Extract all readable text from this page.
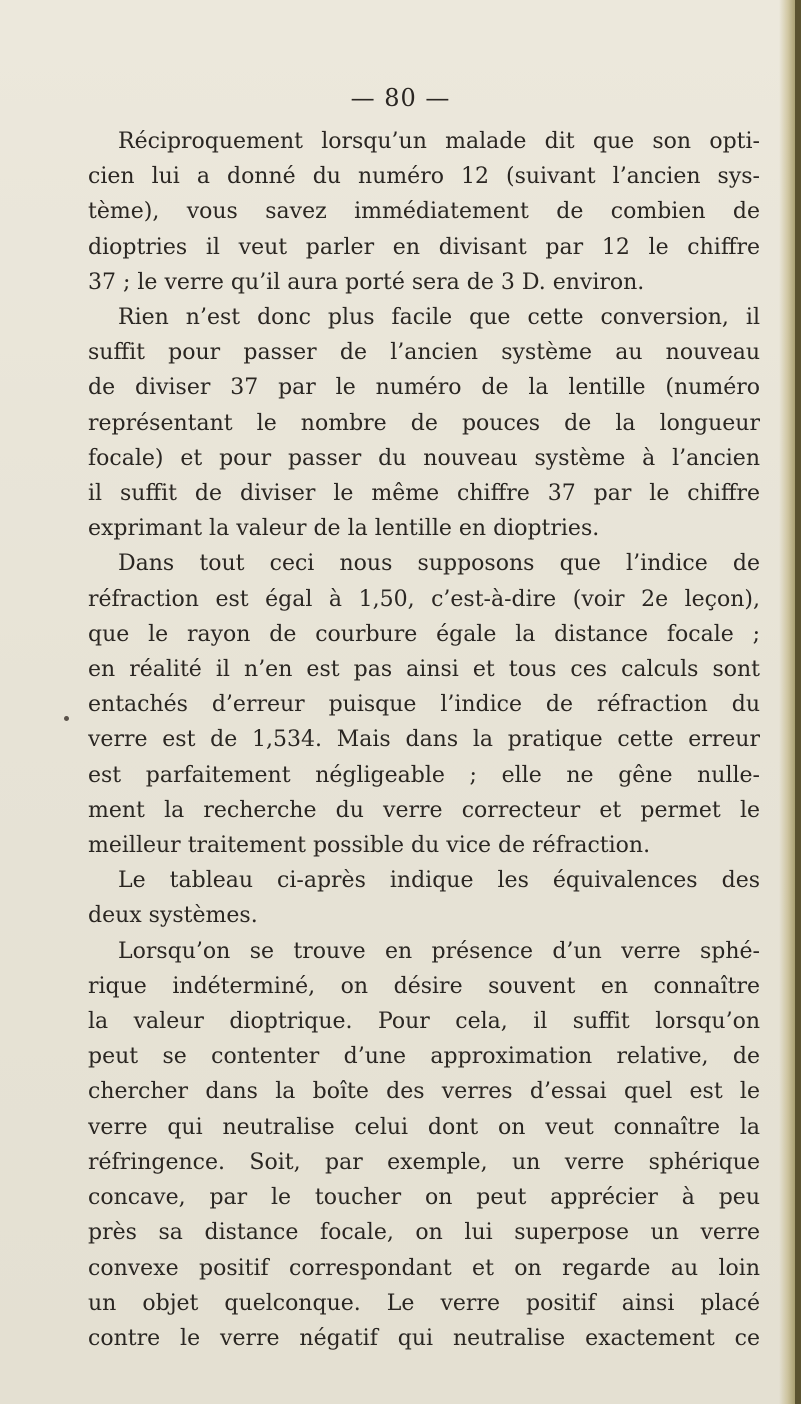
— 80 —
Réciproquement lorsqu’un malade dit que son opti-
cien lui a donné du numéro 12 (suivant l’ancien sys-
tème), vous savez immédiatement de combien de
dioptries il veut parler en divisant par 12 le chiffre
37 ; le verre qu’il aura porté sera de 3 D. environ.
Rien n’est donc plus facile que cette conversion, il
suffit pour passer de l’ancien système au nouveau
de diviser 37 par le numéro de la lentille (numéro
représentant le nombre de pouces de la longueur
focale) et pour passer du nouveau système à l’ancien
il suffit de diviser le même chiffre 37 par le chiffre
exprimant la valeur de la lentille en dioptries.
Dans tout ceci nous supposons que l’indice de
réfraction est égal à 1,50, c’est-à-dire (voir 2e leçon),
que le rayon de courbure égale la distance focale ;
en réalité il n’en est pas ainsi et tous ces calculs sont
entachés d’erreur puisque l’indice de réfraction du
verre est de 1,534. Mais dans la pratique cette erreur
est parfaitement négligeable ; elle ne gêne nulle-
ment la recherche du verre correcteur et permet le
meilleur traitement possible du vice de réfraction.
Le tableau ci-après indique les équivalences des
deux systèmes.
Lorsqu’on se trouve en présence d’un verre sphé-
rique indéterminé, on désire souvent en connaître
la valeur dioptrique. Pour cela, il suffit lorsqu’on
peut se contenter d’une approximation relative, de
chercher dans la boîte des verres d’essai quel est le
verre qui neutralise celui dont on veut connaître la
réfringence. Soit, par exemple, un verre sphérique
concave, par le toucher on peut apprécier à peu
près sa distance focale, on lui superpose un verre
convexe positif correspondant et on regarde au loin
un objet quelconque. Le verre positif ainsi placé
contre le verre négatif qui neutralise exactement ce
